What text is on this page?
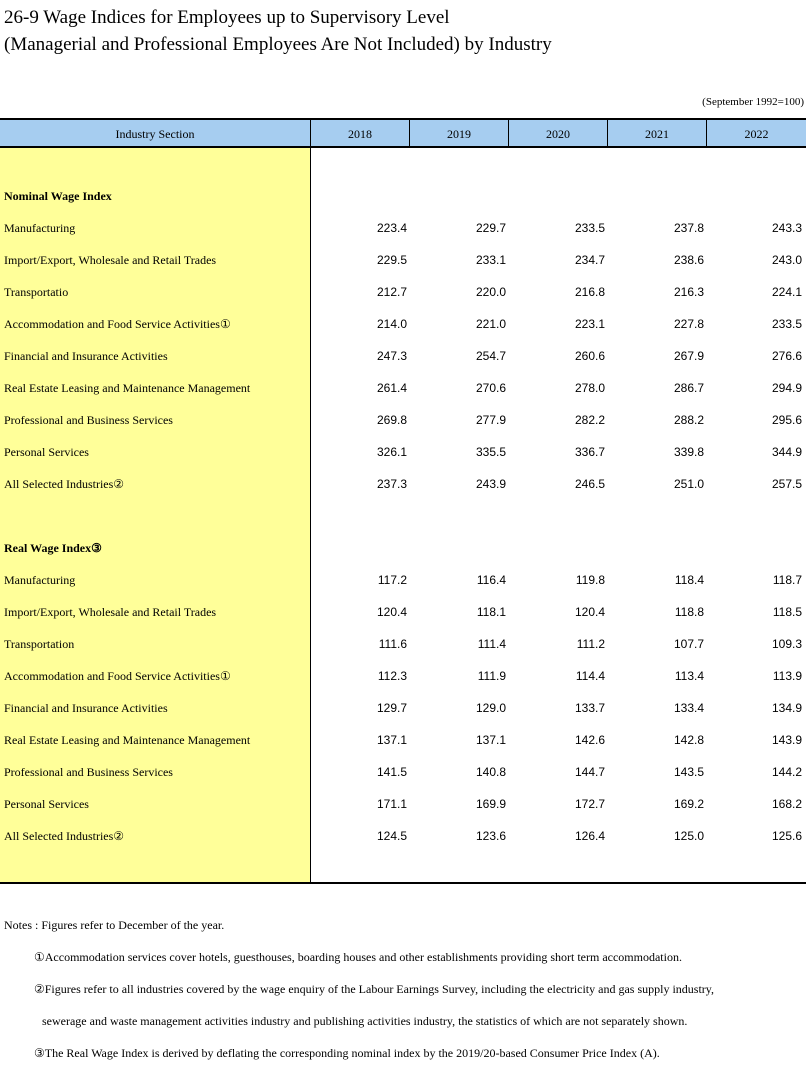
26-9 Wage Indices for Employees up to Supervisory Level
(Managerial and Professional Employees Are Not Included) by Industry
(September 1992=100)
Industry Section	2018	2019	2020	2021	2022
Nominal Wage Index
Manufacturing	223.4	229.7	233.5	237.8	243.3
Import/Export, Wholesale and Retail Trades	229.5	233.1	234.7	238.6	243.0
Transportatio	212.7	220.0	216.8	216.3	224.1
Accommodation and Food Service Activities①	214.0	221.0	223.1	227.8	233.5
Financial and Insurance Activities	247.3	254.7	260.6	267.9	276.6
Real Estate Leasing and Maintenance Management	261.4	270.6	278.0	286.7	294.9
Professional and Business Services	269.8	277.9	282.2	288.2	295.6
Personal Services	326.1	335.5	336.7	339.8	344.9
All Selected Industries②	237.3	243.9	246.5	251.0	257.5
Real Wage Index③
Manufacturing	117.2	116.4	119.8	118.4	118.7
Import/Export, Wholesale and Retail Trades	120.4	118.1	120.4	118.8	118.5
Transportation	111.6	111.4	111.2	107.7	109.3
Accommodation and Food Service Activities①	112.3	111.9	114.4	113.4	113.9
Financial and Insurance Activities	129.7	129.0	133.7	133.4	134.9
Real Estate Leasing and Maintenance Management	137.1	137.1	142.6	142.8	143.9
Professional and Business Services	141.5	140.8	144.7	143.5	144.2
Personal Services	171.1	169.9	172.7	169.2	168.2
All Selected Industries②	124.5	123.6	126.4	125.0	125.6
Notes : Figures refer to December of the year.
①Accommodation services cover hotels, guesthouses, boarding houses and other establishments providing short term accommodation.
②Figures refer to all industries covered by the wage enquiry of the Labour Earnings Survey, including the electricity and gas supply industry,
sewerage and waste management activities industry and publishing activities industry, the statistics of which are not separately shown.
③The Real Wage Index is derived by deflating the corresponding nominal index by the 2019/20-based Consumer Price Index (A).
